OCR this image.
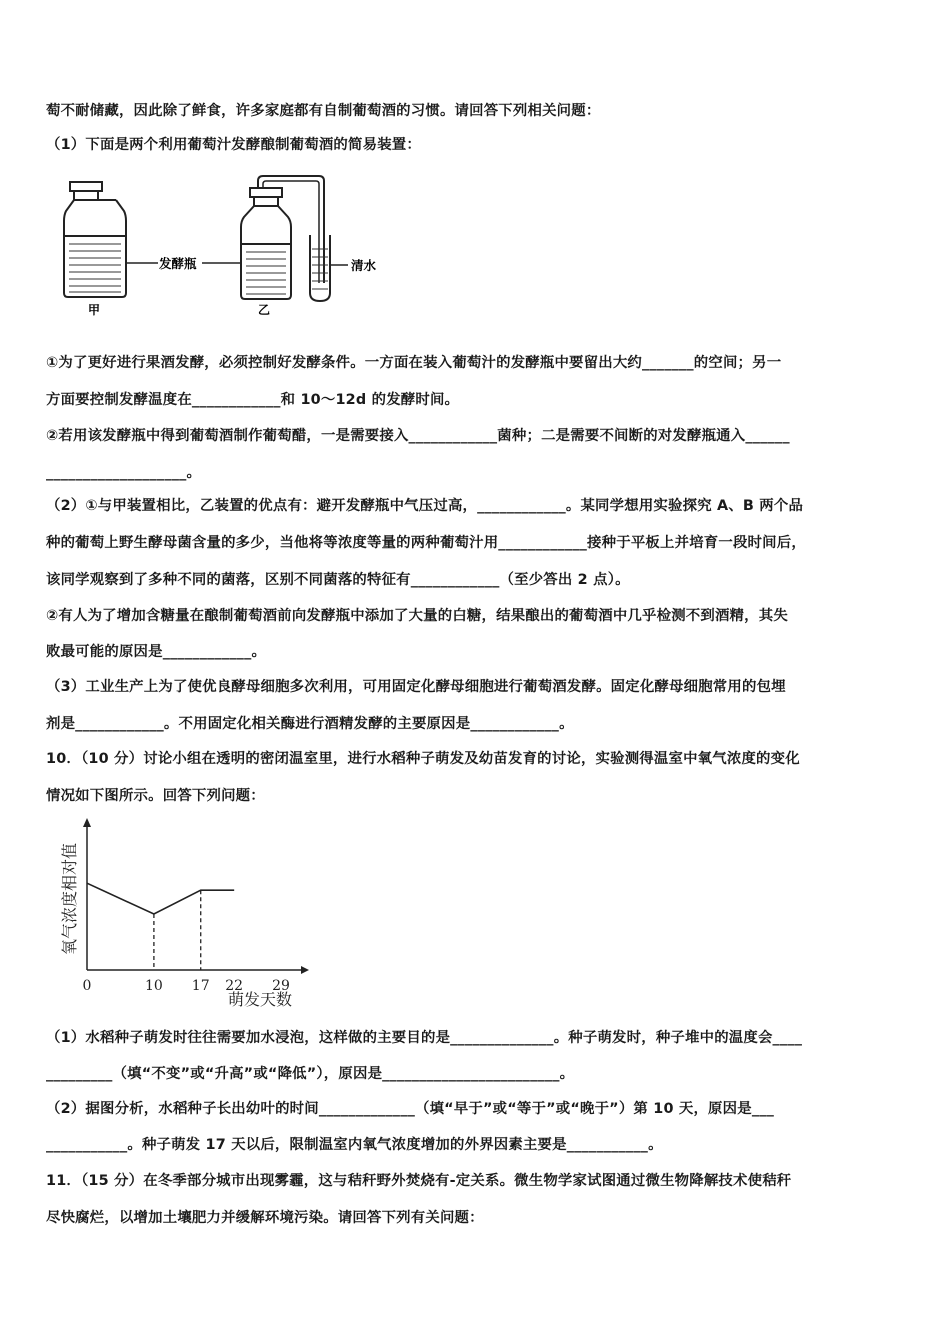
萄不耐储藏，因此除了鲜食，许多家庭都有自制葡萄酒的习惯。请回答下列相关问题：
（1）下面是两个利用葡萄汁发酵酿制葡萄酒的简易装置：
甲
发酵瓶	清水
乙
①为了更好进行果酒发酵，必须控制好发酵条件。一方面在装入葡萄汁的发酵瓶中要留出大约_______的空间；另一
方面要控制发酵温度在____________和 10～12d 的发酵时间。
②若用该发酵瓶中得到葡萄酒制作葡萄醋，一是需要接入____________菌种；二是需要不间断的对发酵瓶通入______
___________________。
（2）①与甲装置相比，乙装置的优点有：避开发酵瓶中气压过高，____________。某同学想用实验探究 A、B 两个品
种的葡萄上野生酵母菌含量的多少，当他将等浓度等量的两种葡萄汁用____________接种于平板上并培育一段时间后，
该同学观察到了多种不同的菌落，区别不同菌落的特征有____________（至少答出 2 点）。
②有人为了增加含糖量在酿制葡萄酒前向发酵瓶中添加了大量的白糖，结果酿出的葡萄酒中几乎检测不到酒精，其失
败最可能的原因是____________。
（3）工业生产上为了使优良酵母细胞多次利用，可用固定化酵母细胞进行葡萄酒发酵。固定化酵母细胞常用的包埋
剂是____________。不用固定化相关酶进行酒精发酵的主要原因是____________。
10．（10 分）讨论小组在透明的密闭温室里，进行水稻种子萌发及幼苗发育的讨论，实验测得温室中氧气浓度的变化
情况如下图所示。回答下列问题：
0	10 17 22 29
萌发天数
氧气浓度相对值
（1）水稻种子萌发时往往需要加水浸泡，这样做的主要目的是______________。种子萌发时，种子堆中的温度会____
_________（填“不变”或“升高”或“降低”），原因是________________________。
（2）据图分析，水稻种子长出幼叶的时间_____________（填“早于”或“等于”或“晚于”）第 10 天，原因是___
___________。种子萌发 17 天以后，限制温室内氧气浓度增加的外界因素主要是___________。
11．（15 分）在冬季部分城市出现雾霾，这与秸秆野外焚烧有-定关系。微生物学家试图通过微生物降解技术使秸秆
尽快腐烂，以增加土壤肥力并缓解环境污染。请回答下列有关问题：
